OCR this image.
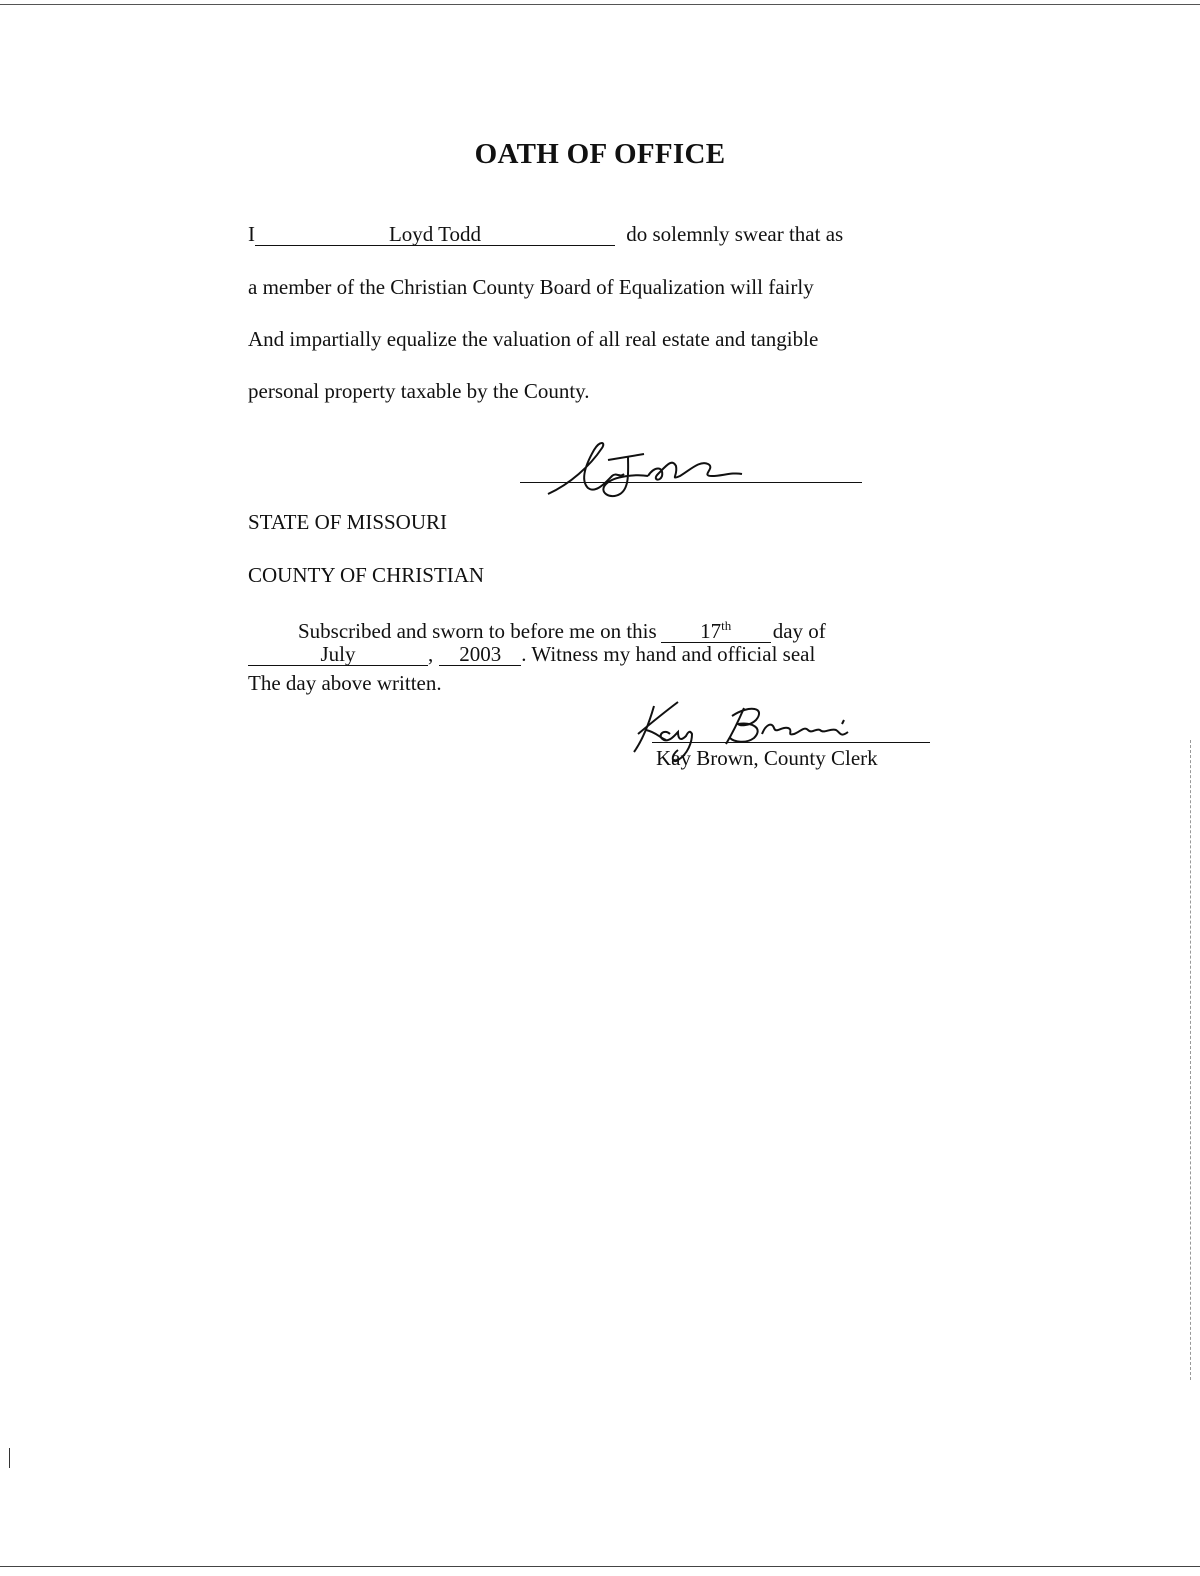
OATH OF OFFICE
I	Loyd Todd	do solemnly swear that as
a member of the Christian County Board of Equalization will fairly
And impartially equalize the valuation of all real estate and tangible
personal property taxable by the County.
STATE OF MISSOURI
COUNTY OF CHRISTIAN
Subscribed and sworn to before me on this 17th day of
July	, 2003 . Witness my hand and official seal
The day above written.
Kay Brown, County Clerk
